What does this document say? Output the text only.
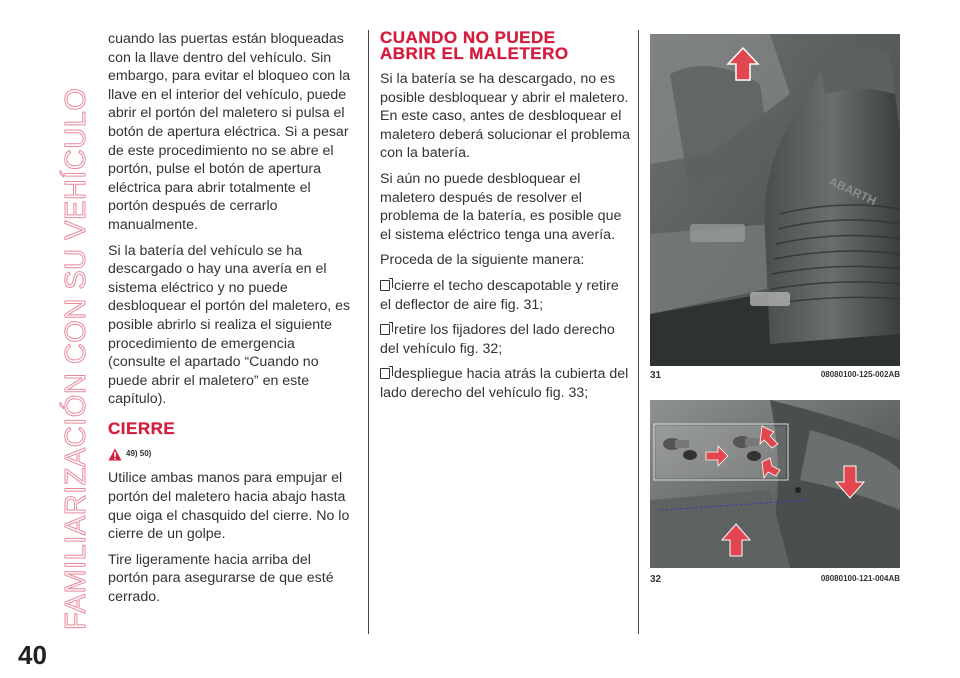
FAMILIARIZACIÓN CON SU VEHÍCULO
40

cuando las puertas están bloqueadas con la llave dentro del vehículo. Sin embargo, para evitar el bloqueo con la llave en el interior del vehículo, puede abrir el portón del maletero si pulsa el botón de apertura eléctrica. Si a pesar de este procedimiento no se abre el portón, pulse el botón de apertura eléctrica para abrir totalmente el portón después de cerrarlo manualmente.

Si la batería del vehículo se ha descargado o hay una avería en el sistema eléctrico y no puede desbloquear el portón del maletero, es posible abrirlo si realiza el siguiente procedimiento de emergencia (consulte el apartado “Cuando no puede abrir el maletero” en este capítulo).

CIERRE
49) 50)

Utilice ambas manos para empujar el portón del maletero hacia abajo hasta que oiga el chasquido del cierre. No lo cierre de un golpe.

Tire ligeramente hacia arriba del portón para asegurarse de que esté cerrado.

CUANDO NO PUEDE
ABRIR EL MALETERO

Si la batería se ha descargado, no es posible desbloquear y abrir el maletero. En este caso, antes de desbloquear el maletero deberá solucionar el problema con la batería.

Si aún no puede desbloquear el maletero después de resolver el problema de la batería, es posible que el sistema eléctrico tenga una avería.

Proceda de la siguiente manera:

cierre el techo descapotable y retire el deflector de aire fig. 31;

retire los fijadores del lado derecho del vehículo fig. 32;

despliegue hacia atrás la cubierta del lado derecho del vehículo fig. 33;

ABARTH
31	08080100-125-002AB
32	08080100-121-004AB
